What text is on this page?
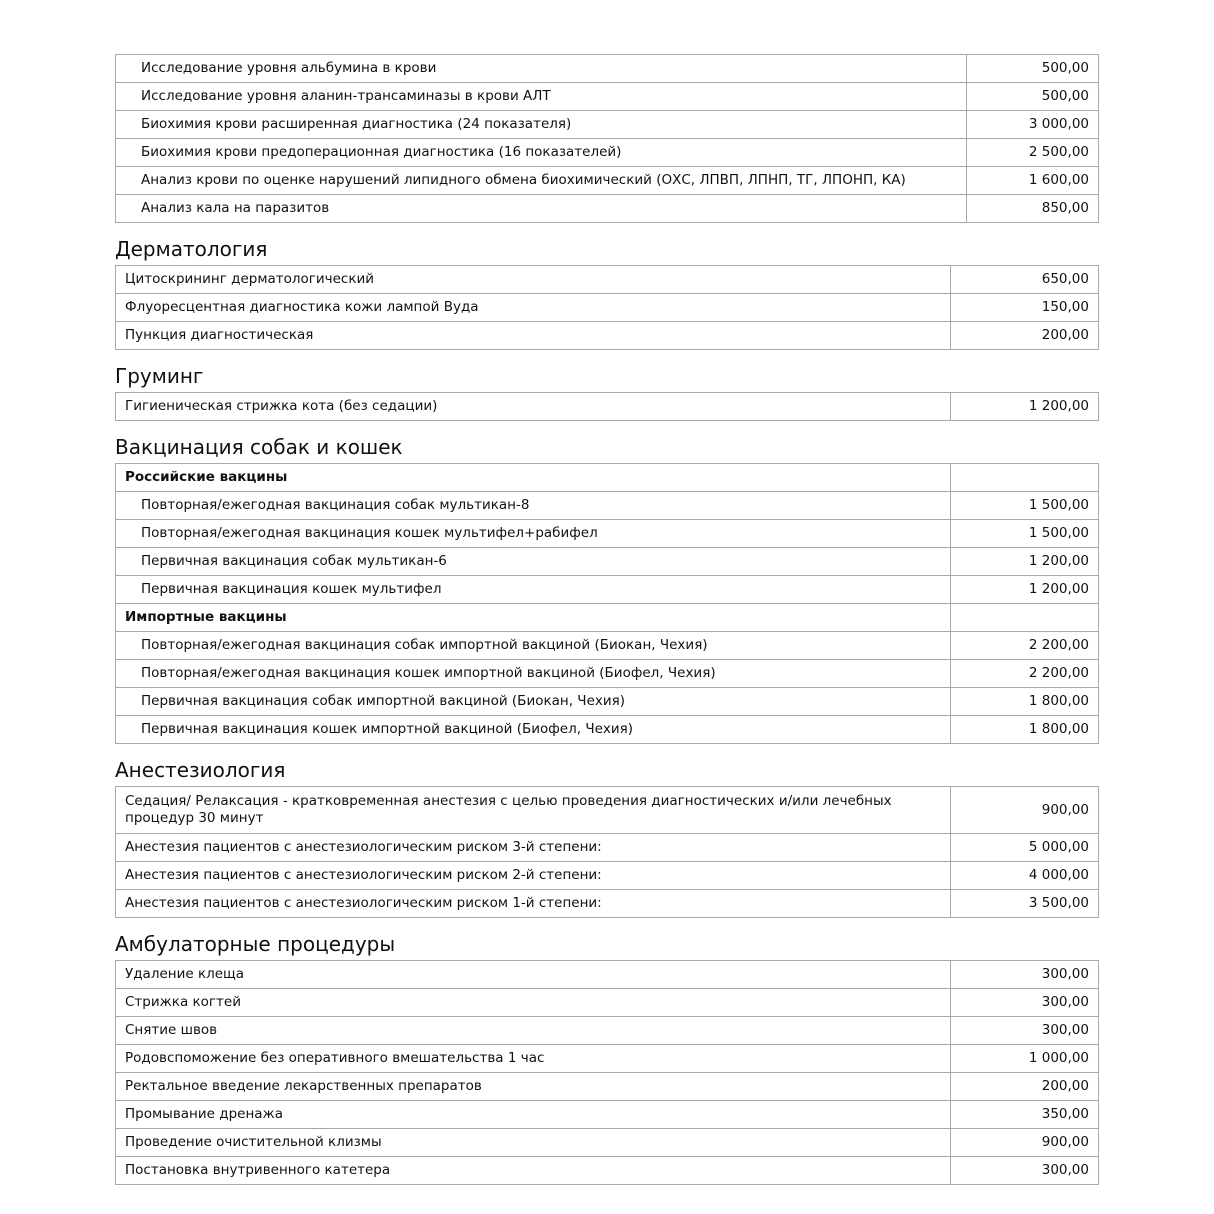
Исследование уровня альбумина в крови	500,00
Исследование уровня аланин-трансаминазы в крови АЛТ	500,00
Биохимия крови расширенная диагностика (24 показателя)	3 000,00
Биохимия крови предоперационная диагностика (16 показателей)	2 500,00
Анализ крови по оценке нарушений липидного обмена биохимический (ОХС, ЛПВП, ЛПНП, ТГ, ЛПОНП, КА)	1 600,00
Анализ кала на паразитов	850,00
Дерматология
Цитоскрининг дерматологический	650,00
Флуоресцентная диагностика кожи лампой Вуда	150,00
Пункция диагностическая	200,00
Груминг
Гигиеническая стрижка кота (без седации)	1 200,00
Вакцинация собак и кошек
Российские вакцины	
Повторная/ежегодная вакцинация собак мультикан-8	1 500,00
Повторная/ежегодная вакцинация кошек мультифел+рабифел	1 500,00
Первичная вакцинация собак мультикан-6	1 200,00
Первичная вакцинация кошек мультифел	1 200,00
Импортные вакцины	
Повторная/ежегодная вакцинация собак импортной вакциной (Биокан, Чехия)	2 200,00
Повторная/ежегодная вакцинация кошек импортной вакциной (Биофел, Чехия)	2 200,00
Первичная вакцинация собак импортной вакциной (Биокан, Чехия)	1 800,00
Первичная вакцинация кошек импортной вакциной (Биофел, Чехия)	1 800,00
Анестезиология
Седация/ Релаксация - кратковременная анестезия с целью проведения диагностических и/или лечебных процедур 30 минут	900,00
Анестезия пациентов с анестезиологическим риском 3-й степени:	5 000,00
Анестезия пациентов с анестезиологическим риском 2-й степени:	4 000,00
Анестезия пациентов с анестезиологическим риском 1-й степени:	3 500,00
Амбулаторные процедуры
Удаление клеща	300,00
Стрижка когтей	300,00
Снятие швов	300,00
Родовспоможение без оперативного вмешательства 1 час	1 000,00
Ректальное введение лекарственных препаратов	200,00
Промывание дренажа	350,00
Проведение очистительной клизмы	900,00
Постановка внутривенного катетера	300,00
